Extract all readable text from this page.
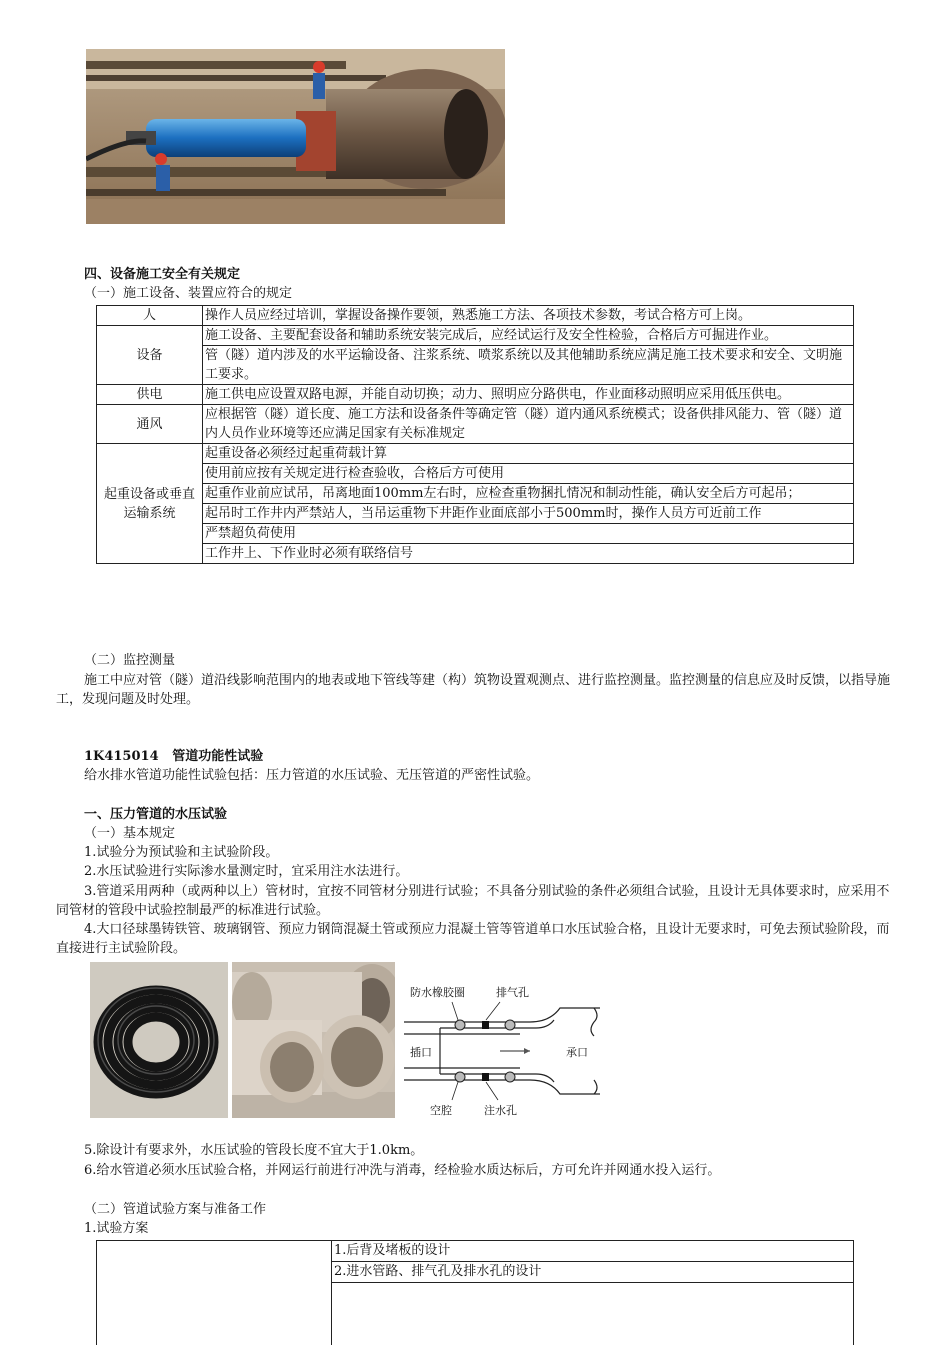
四、设备施工安全有关规定
（一）施工设备、装置应符合的规定
人	操作人员应经过培训，掌握设备操作要领，熟悉施工方法、各项技术参数，考试合格方可上岗。
设备	施工设备、主要配套设备和辅助系统安装完成后，应经试运行及安全性检验，合格后方可掘进作业。
	管（隧）道内涉及的水平运输设备、注浆系统、喷浆系统以及其他辅助系统应满足施工技术要求和安全、文明施工要求。
供电	施工供电应设置双路电源，并能自动切换；动力、照明应分路供电，作业面移动照明应采用低压供电。
通风	应根据管（隧）道长度、施工方法和设备条件等确定管（隧）道内通风系统模式；设备供排风能力、管（隧）道内人员作业环境等还应满足国家有关标准规定
起重设备或垂直运输系统	起重设备必须经过起重荷载计算
	使用前应按有关规定进行检查验收，合格后方可使用
	起重作业前应试吊，吊离地面100mm左右时，应检查重物捆扎情况和制动性能，确认安全后方可起吊；
	起吊时工作井内严禁站人，当吊运重物下井距作业面底部小于500mm时，操作人员方可近前工作
	严禁超负荷使用
	工作井上、下作业时必须有联络信号
（二）监控测量
施工中应对管（隧）道沿线影响范围内的地表或地下管线等建（构）筑物设置观测点、进行监控测量。监控测量的信息应及时反馈，以指导施工，发现问题及时处理。
1K415014 管道功能性试验
给水排水管道功能性试验包括：压力管道的水压试验、无压管道的严密性试验。
一、压力管道的水压试验
（一）基本规定
1.试验分为预试验和主试验阶段。
2.水压试验进行实际渗水量测定时，宜采用注水法进行。
3.管道采用两种（或两种以上）管材时，宜按不同管材分别进行试验；不具备分别试验的条件必须组合试验，且设计无具体要求时，应采用不同管材的管段中试验控制最严的标准进行试验。
4.大口径球墨铸铁管、玻璃钢管、预应力钢筒混凝土管或预应力混凝土管等管道单口水压试验合格，且设计无要求时，可免去预试验阶段，而直接进行主试验阶段。
防水橡胶圈	排气孔
插口	承口
空腔	注水孔
5.除设计有要求外，水压试验的管段长度不宜大于1.0km。
6.给水管道必须水压试验合格，并网运行前进行冲洗与消毒，经检验水质达标后，方可允许并网通水投入运行。
（二）管道试验方案与准备工作
1.试验方案
1.后背及堵板的设计
2.进水管路、排气孔及排水孔的设计
